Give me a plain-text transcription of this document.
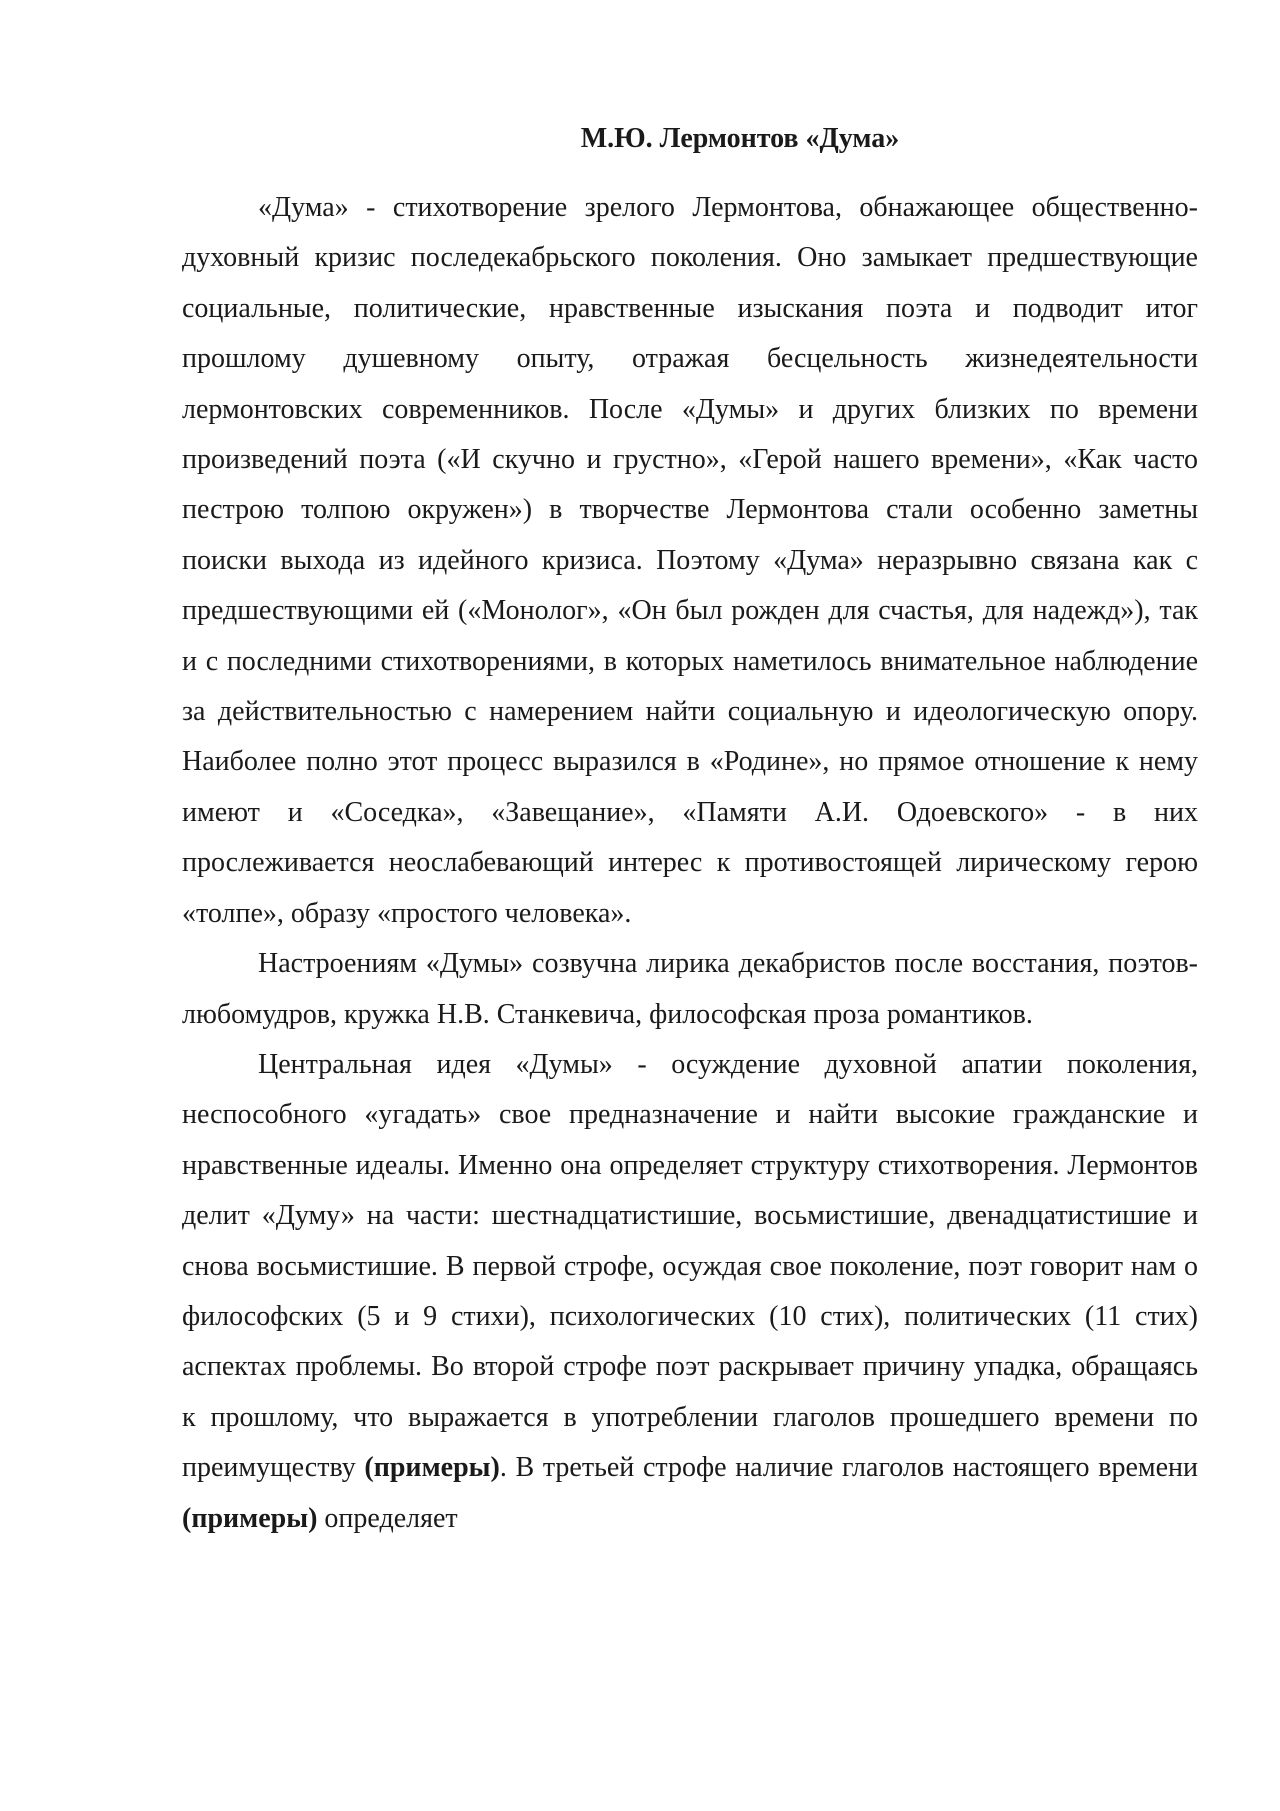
М.Ю. Лермонтов «Дума»

«Дума» - стихотворение зрелого Лермонтова, обнажающее общественно-духовный кризис последекабрьского поколения. Оно замыкает предшествующие социальные, политические, нравственные изыскания поэта и подводит итог прошлому душевному опыту, отражая бесцельность жизнедеятельности лермонтовских современников. После «Думы» и других близких по времени произведений поэта («И скучно и грустно», «Герой нашего времени», «Как часто пестрою толпою окружен») в творчестве Лермонтова стали особенно заметны поиски выхода из идейного кризиса. Поэтому «Дума» неразрывно связана как с предшествующими ей («Монолог», «Он был рожден для счастья, для надежд»), так и с последними стихотворениями, в которых наметилось внимательное наблюдение за действительностью с намерением найти социальную и идеологическую опору. Наиболее полно этот процесс выразился в «Родине», но прямое отношение к нему имеют и «Соседка», «Завещание», «Памяти А.И. Одоевского» - в них прослеживается неослабевающий интерес к противостоящей лирическому герою «толпе», образу «простого человека».

Настроениям «Думы» созвучна лирика декабристов после восстания, поэтов-любомудров, кружка Н.В. Станкевича, философская проза романтиков.

Центральная идея «Думы» - осуждение духовной апатии поколения, неспособного «угадать» свое предназначение и найти высокие гражданские и нравственные идеалы. Именно она определяет структуру стихотворения. Лермонтов делит «Думу» на части: шестнадцатистишие, восьмистишие, двенадцатистишие и снова восьмистишие. В первой строфе, осуждая свое поколение, поэт говорит нам о философских (5 и 9 стихи), психологических (10 стих), политических (11 стих) аспектах проблемы. Во второй строфе поэт раскрывает причину упадка, обращаясь к прошлому, что выражается в употреблении глаголов прошедшего времени по преимуществу (примеры). В третьей строфе наличие глаголов настоящего времени (примеры) определяет
